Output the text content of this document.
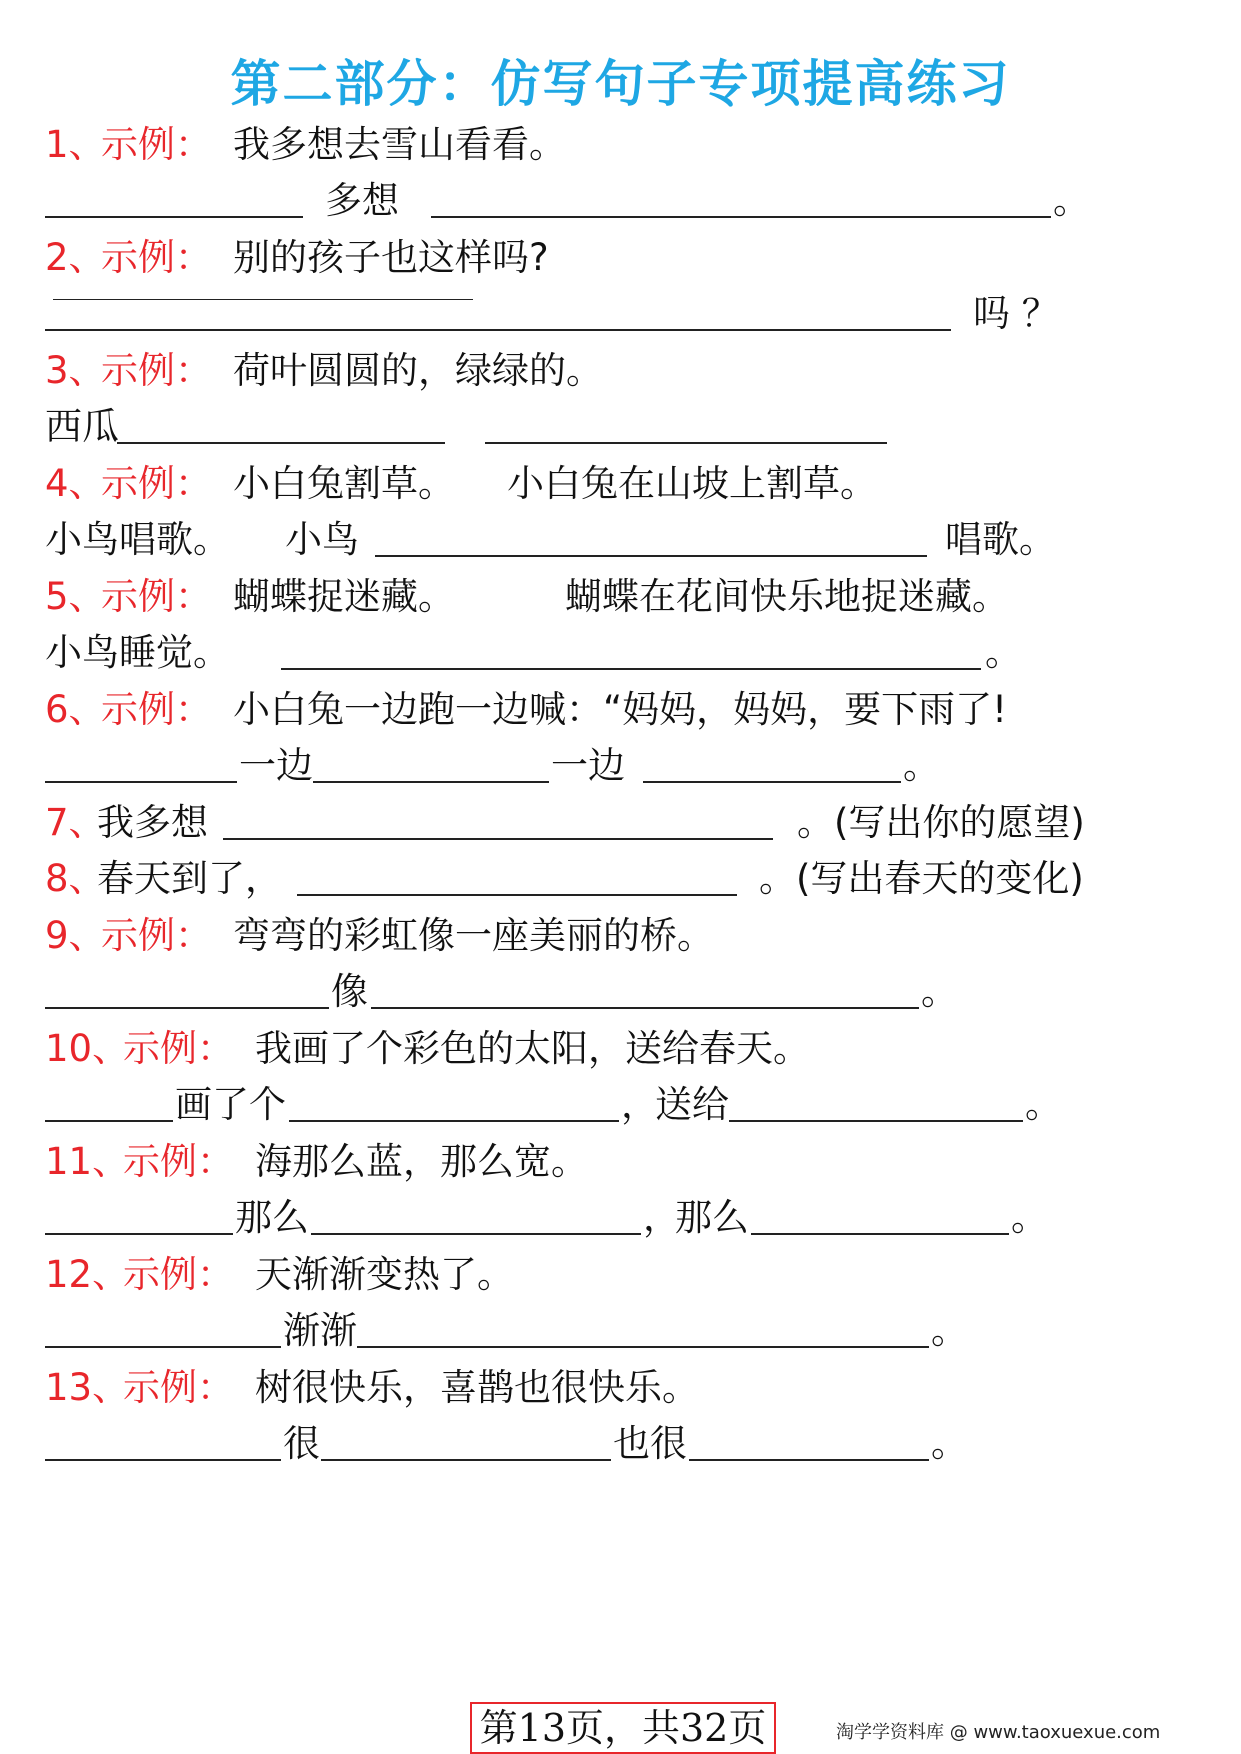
第二部分：仿写句子专项提高练习
1、
示例： 我多想去雪山看看。
多想	。
2、
示例： 别的孩子也这样吗?
吗 ？
3、
示例： 荷叶圆圆的，绿绿的。
西瓜
4、
示例： 小白兔割草。 小白兔在山坡上割草。
小鸟唱歌。 小鸟	唱歌。
5、
示例： 蝴蝶捉迷藏。	蝴蝶在花间快乐地捉迷藏。
小鸟睡觉。	。
6、
示例： 小白兔一边跑一边喊：“妈妈，妈妈，要下雨了!
一边	一边	。
7、
我多想	。(写出你的愿望)
8、
春天到了，	。(写出春天的变化)
9、
示例： 弯弯的彩虹像一座美丽的桥。
像	。
10、
示例： 我画了个彩色的太阳，送给春天。
画了个	，
送给	。
11、
示例： 海那么蓝，那么宽。
那么	，
那么	。
12、
示例： 天渐渐变热了。
渐渐	。
13、
示例： 树很快乐，喜鹊也很快乐。
很	也很	。
第13页，共32页	淘学学资料库 @ www.taoxuexue.com
